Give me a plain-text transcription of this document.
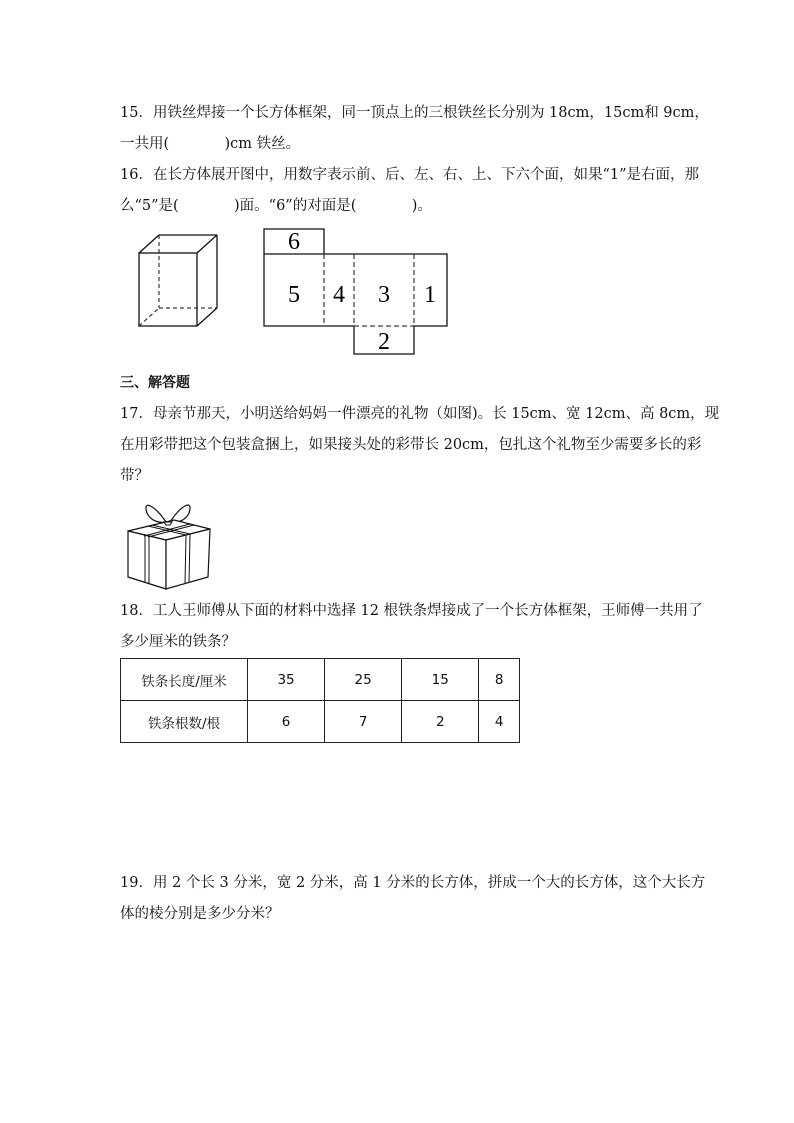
15．用铁丝焊接一个长方体框架，同一顶点上的三根铁丝长分别为 18cm，15cm和 9cm，
一共用(            )cm 铁丝。
16．在长方体展开图中，用数字表示前、后、左、右、上、下六个面，如果“1”是右面，那
么“5”是(            )面。“6”的对面是(            )。
6
5 4 3 1
2
三、解答题
17．母亲节那天，小明送给妈妈一件漂亮的礼物（如图)。长 15cm、宽 12cm、高 8cm，现
在用彩带把这个包装盒捆上，如果接头处的彩带长 20cm，包扎这个礼物至少需要多长的彩
带？
18．工人王师傅从下面的材料中选择 12 根铁条焊接成了一个长方体框架，王师傅一共用了
多少厘米的铁条？
铁条长度/厘米	35	25	15	8
铁条根数/根	6	7	2	4
19．用 2 个长 3 分米，宽 2 分米，高 1 分米的长方体，拼成一个大的长方体，这个大长方
体的棱分别是多少分米？
